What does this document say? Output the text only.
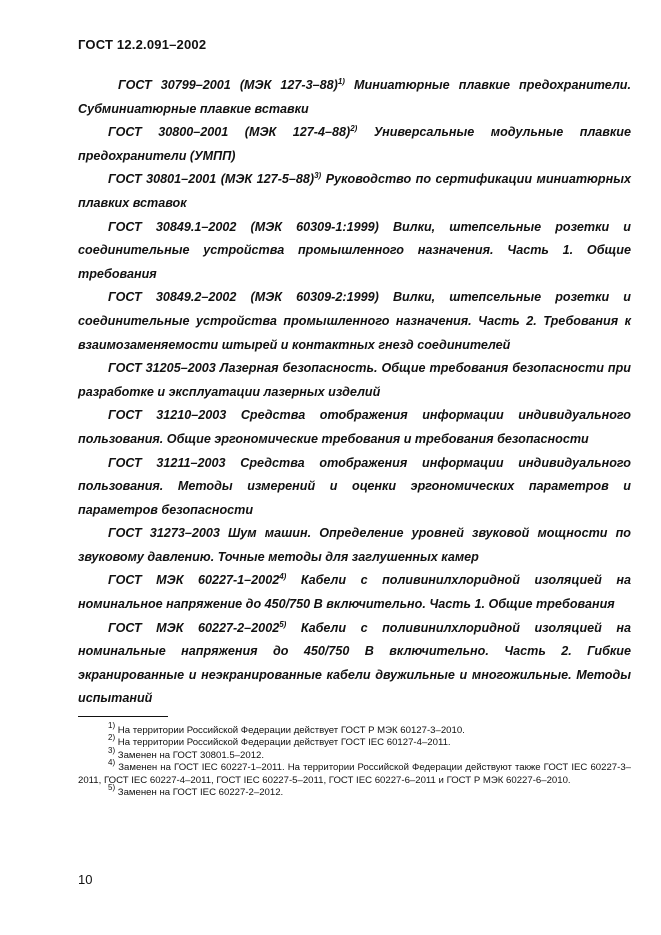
ГОСТ 12.2.091–2002

ГОСТ 30799–2001 (МЭК 127-3–88)$^{1)}$ Миниатюрные плавкие предохранители. Субминиатюрные плавкие вставки

ГОСТ 30800–2001 (МЭК 127-4–88)$^{2)}$ Универсальные модульные плавкие предохранители (УМПП)

ГОСТ 30801–2001 (МЭК 127-5–88)$^{3)}$ Руководство по сертификации миниатюрных плавких вставок

ГОСТ 30849.1–2002 (МЭК 60309-1:1999) Вилки, штепсельные розетки и соединительные устройства промышленного назначения. Часть 1. Общие требования

ГОСТ 30849.2–2002 (МЭК 60309-2:1999) Вилки, штепсельные розетки и соединительные устройства промышленного назначения. Часть 2. Требования к взаимозаменяемости штырей и контактных гнезд соединителей

ГОСТ 31205–2003 Лазерная безопасность. Общие требования безопасности при разработке и эксплуатации лазерных изделий

ГОСТ 31210–2003 Средства отображения информации индивидуального пользования. Общие эргономические требования и требования безопасности

ГОСТ 31211–2003 Средства отображения информации индивидуального пользования. Методы измерений и оценки эргономических параметров и параметров безопасности

ГОСТ 31273–2003 Шум машин. Определение уровней звуковой мощности по звуковому давлению. Точные методы для заглушенных камер

ГОСТ МЭК 60227-1–2002$^{4)}$ Кабели с поливинилхлоридной изоляцией на номинальное напряжение до 450/750 В включительно. Часть 1. Общие требования

ГОСТ МЭК 60227-2–2002$^{5)}$ Кабели с поливинилхлоридной изоляцией на номинальные напряжения до 450/750 В включительно. Часть 2. Гибкие экранированные и неэкранированные кабели двужильные и многожильные. Методы испытаний

$^{1)}$ На территории Российской Федерации действует ГОСТ Р МЭК 60127-3–2010.

$^{2)}$ На территории Российской Федерации действует ГОСТ IEC 60127-4–2011.

$^{3)}$ Заменен на ГОСТ 30801.5–2012.

$^{4)}$ Заменен на ГОСТ IEC 60227-1–2011. На территории Российской Федерации действуют также ГОСТ IEC 60227-3–2011, ГОСТ IEC 60227-4–2011, ГОСТ IEC 60227-5–2011, ГОСТ IEC 60227-6–2011 и ГОСТ Р МЭК 60227-6–2010.

$^{5)}$ Заменен на ГОСТ IEC 60227-2–2012.

10
